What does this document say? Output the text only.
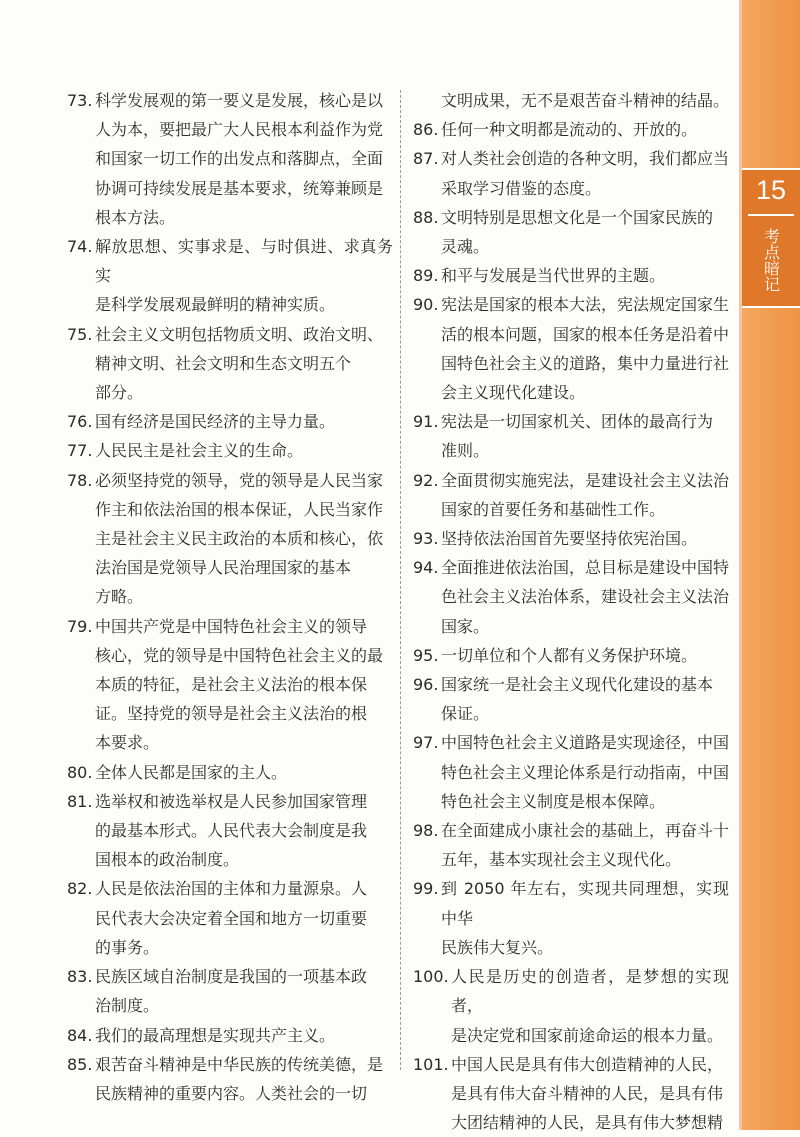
73. 科学发展观的第一要义是发展，核心是以
人为本，要把最广大人民根本利益作为党
和国家一切工作的出发点和落脚点，全面
协调可持续发展是基本要求，统筹兼顾是
根本方法。
74. 解放思想、实事求是、与时俱进、求真务实
是科学发展观最鲜明的精神实质。
75. 社会主义文明包括物质文明、政治文明、
精神文明、社会文明和生态文明五个
部分。
76. 国有经济是国民经济的主导力量。
77. 人民民主是社会主义的生命。
78. 必须坚持党的领导，党的领导是人民当家
作主和依法治国的根本保证，人民当家作
主是社会主义民主政治的本质和核心，依
法治国是党领导人民治理国家的基本
方略。
79. 中国共产党是中国特色社会主义的领导
核心，党的领导是中国特色社会主义的最
本质的特征，是社会主义法治的根本保
证。坚持党的领导是社会主义法治的根
本要求。
80. 全体人民都是国家的主人。
81. 选举权和被选举权是人民参加国家管理
的最基本形式。人民代表大会制度是我
国根本的政治制度。
82. 人民是依法治国的主体和力量源泉。人
民代表大会决定着全国和地方一切重要
的事务。
83. 民族区域自治制度是我国的一项基本政
治制度。
84. 我们的最高理想是实现共产主义。
85. 艰苦奋斗精神是中华民族的传统美德，是
民族精神的重要内容。人类社会的一切
文明成果，无不是艰苦奋斗精神的结晶。
86. 任何一种文明都是流动的、开放的。
87. 对人类社会创造的各种文明，我们都应当
采取学习借鉴的态度。
88. 文明特别是思想文化是一个国家民族的
灵魂。
89. 和平与发展是当代世界的主题。
90. 宪法是国家的根本大法，宪法规定国家生
活的根本问题，国家的根本任务是沿着中
国特色社会主义的道路，集中力量进行社
会主义现代化建设。
91. 宪法是一切国家机关、团体的最高行为
准则。
92. 全面贯彻实施宪法，是建设社会主义法治
国家的首要任务和基础性工作。
93. 坚持依法治国首先要坚持依宪治国。
94. 全面推进依法治国，总目标是建设中国特
色社会主义法治体系，建设社会主义法治
国家。
95. 一切单位和个人都有义务保护环境。
96. 国家统一是社会主义现代化建设的基本
保证。
97. 中国特色社会主义道路是实现途径，中国
特色社会主义理论体系是行动指南，中国
特色社会主义制度是根本保障。
98. 在全面建成小康社会的基础上，再奋斗十
五年，基本实现社会主义现代化。
99. 到 2050 年左右，实现共同理想，实现中华
民族伟大复兴。
100. 人民是历史的创造者，是梦想的实现者，
是决定党和国家前途命运的根本力量。
101. 中国人民是具有伟大创造精神的人民，
是具有伟大奋斗精神的人民，是具有伟
大团结精神的人民，是具有伟大梦想精
15
考点暗记
